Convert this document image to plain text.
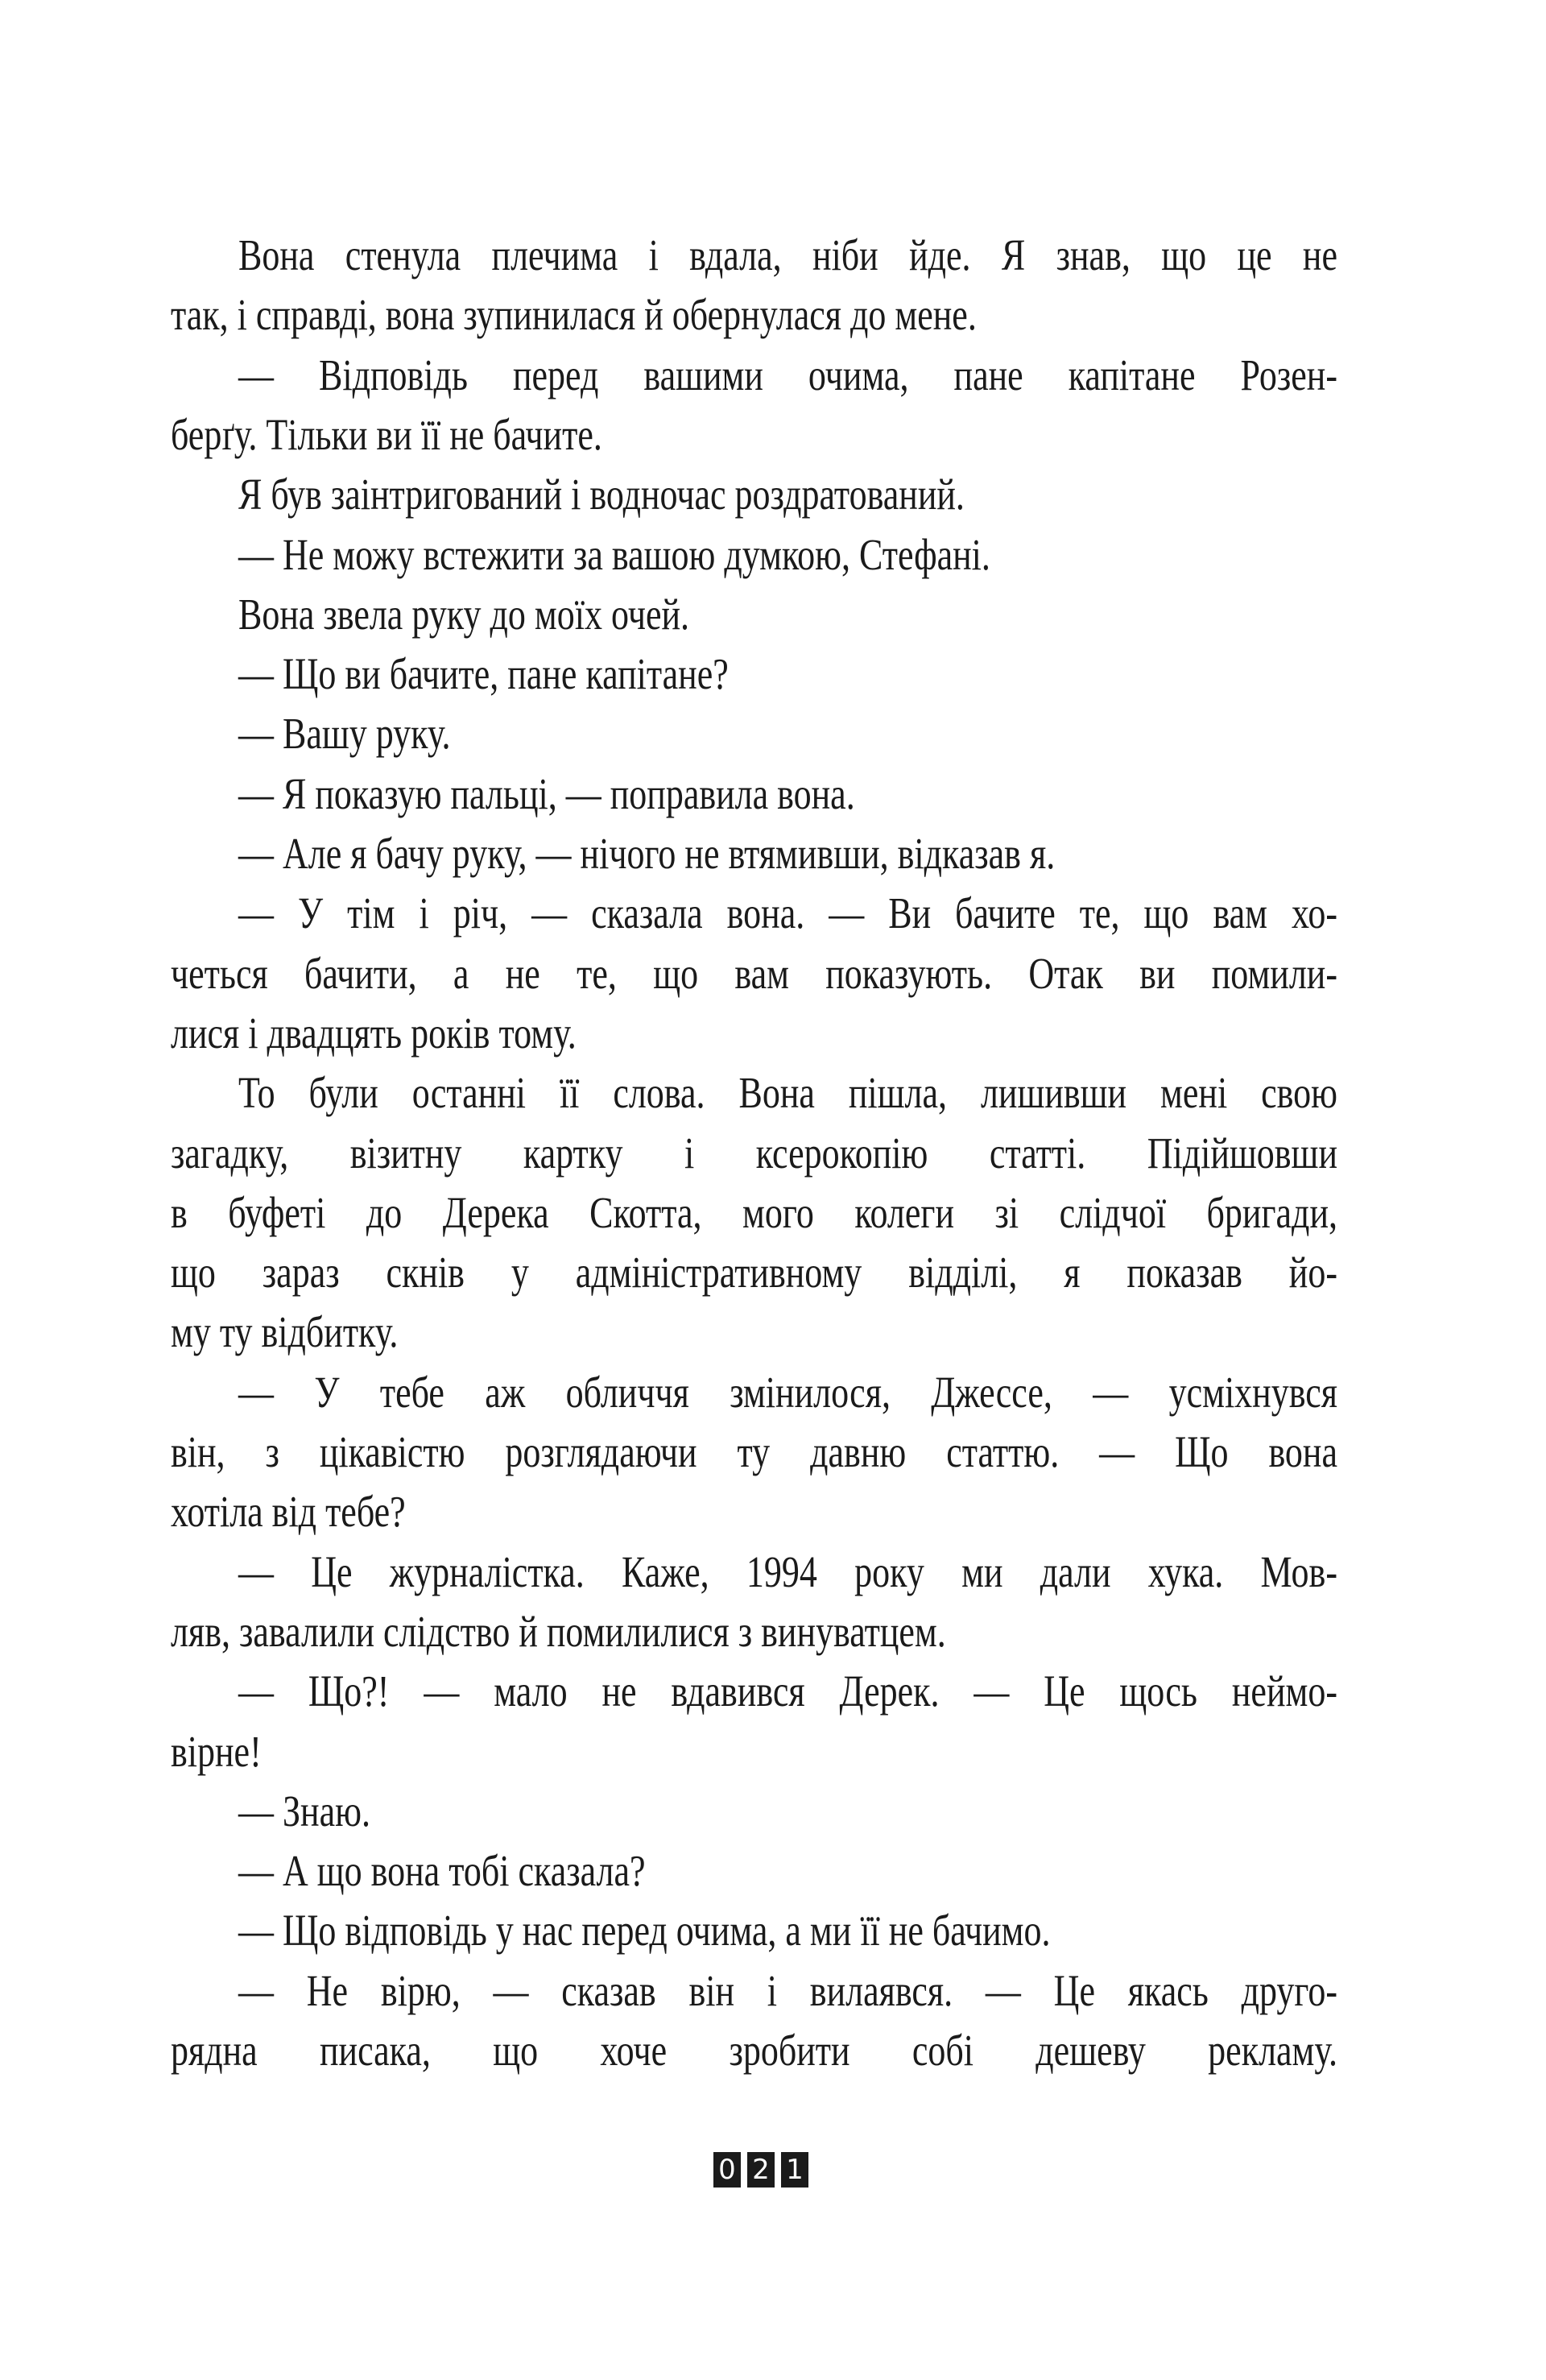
Вона стенула плечима і вдала, ніби йде. Я знав, що це не
так, і справді, вона зупинилася й обернулася до мене.
— Відповідь перед вашими очима, пане капітане Розен-
берґу. Тільки ви її не бачите.
Я був заінтригований і водночас роздратований.
— Не можу встежити за вашою думкою, Стефані.
Вона звела руку до моїх очей.
— Що ви бачите, пане капітане?
— Вашу руку.
— Я показую пальці, — поправила вона.
— Але я бачу руку, — нічого не втямивши, відказав я.
— У тім і річ, — сказала вона. — Ви бачите те, що вам хо-
четься бачити, а не те, що вам показують. Отак ви помили-
лися і двадцять років тому.
То були останні її слова. Вона пішла, лишивши мені свою
загадку, візитну картку і ксерокопію статті. Підійшовши
в буфеті до Дерека Скотта, мого колеги зі слідчої бригади,
що зараз скнів у адміністративному відділі, я показав йо-
му ту відбитку.
— У тебе аж обличчя змінилося, Джессе, — усміхнувся
він, з цікавістю розглядаючи ту давню статтю. — Що вона
хотіла від тебе?
— Це журналістка. Каже, 1994 року ми дали хука. Мов-
ляв, завалили слідство й помилилися з винуватцем.
— Що?! — мало не вдавився Дерек. — Це щось неймо-
вірне!
— Знаю.
— А що вона тобі сказала?
— Що відповідь у нас перед очима, а ми її не бачимо.
— Не вірю, — сказав він і вилаявся. — Це якась друго-
рядна писака, що хоче зробити собі дешеву рекламу.
0 2 1
